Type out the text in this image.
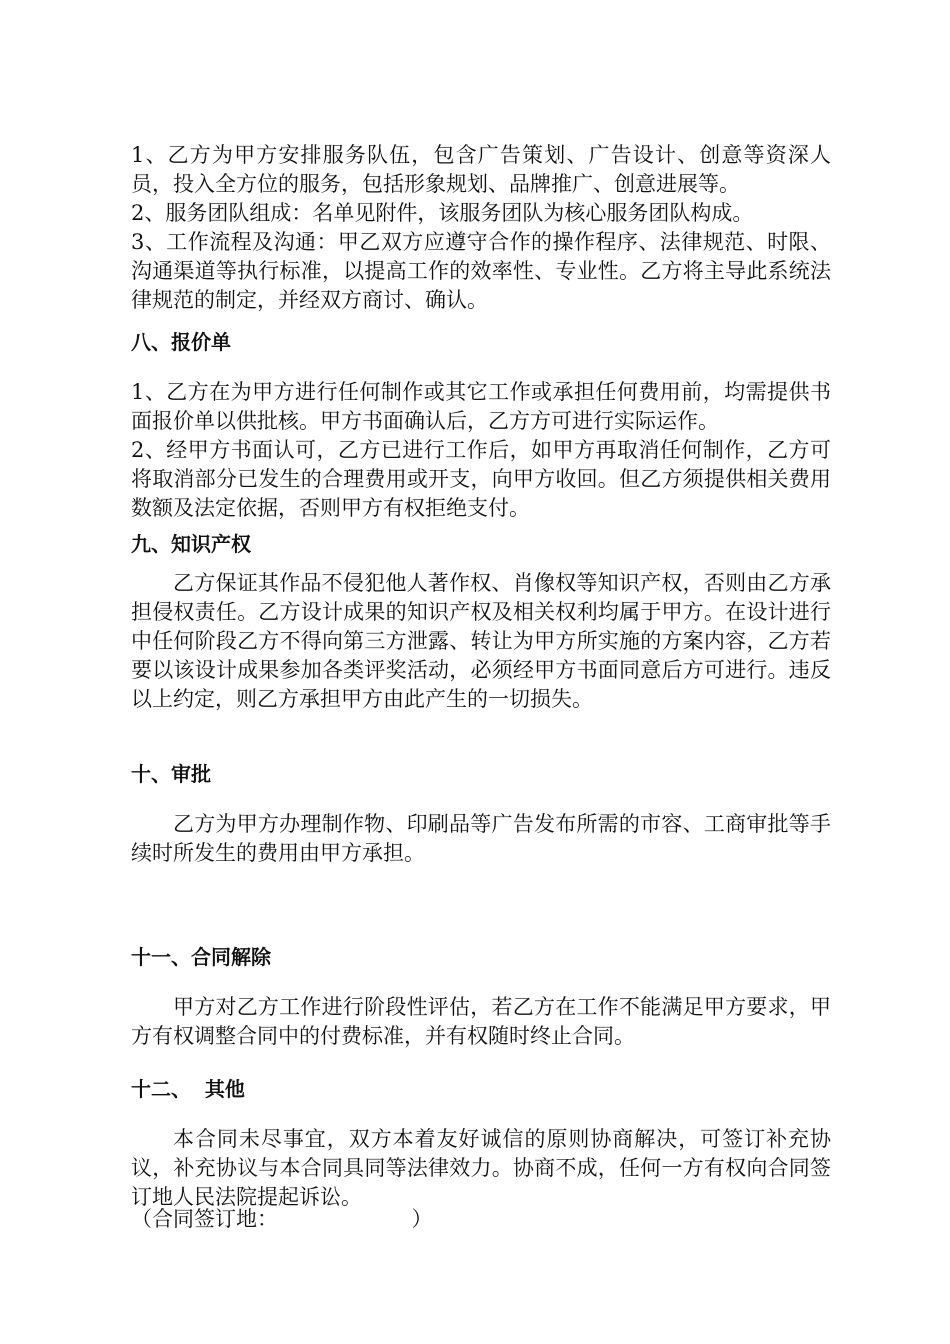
1、乙方为甲方安排服务队伍，包含广告策划、广告设计、创意等资深人员，投入全方位的服务，包括形象规划、品牌推广、创意进展等。

2、服务团队组成：名单见附件，该服务团队为核心服务团队构成。

3、工作流程及沟通：甲乙双方应遵守合作的操作程序、法律规范、时限、沟通渠道等执行标准，以提高工作的效率性、专业性。乙方将主导此系统法律规范的制定，并经双方商讨、确认。

八、报价单

1、乙方在为甲方进行任何制作或其它工作或承担任何费用前，均需提供书面报价单以供批核。甲方书面确认后，乙方方可进行实际运作。

2、经甲方书面认可，乙方已进行工作后，如甲方再取消任何制作，乙方可将取消部分已发生的合理费用或开支，向甲方收回。但乙方须提供相关费用数额及法定依据，否则甲方有权拒绝支付。

九、知识产权
乙方保证其作品不侵犯他人著作权、肖像权等知识产权，否则由乙方承担侵权责任。乙方设计成果的知识产权及相关权利均属于甲方。在设计进行中任何阶段乙方不得向第三方泄露、转让为甲方所实施的方案内容，乙方若要以该设计成果参加各类评奖活动，必须经甲方书面同意后方可进行。违反以上约定，则乙方承担甲方由此产生的一切损失。
十、审批
乙方为甲方办理制作物、印刷品等广告发布所需的市容、工商审批等手续时所发生的费用由甲方承担。
十一、合同解除
甲方对乙方工作进行阶段性评估，若乙方在工作不能满足甲方要求，甲方有权调整合同中的付费标准，并有权随时终止合同。
十二、  其他
本合同未尽事宜，双方本着友好诚信的原则协商解决，可签订补充协议，补充协议与本合同具同等法律效力。协商不成，任何一方有权向合同签订地人民法院提起诉讼。
（合同签订地：                    ）
